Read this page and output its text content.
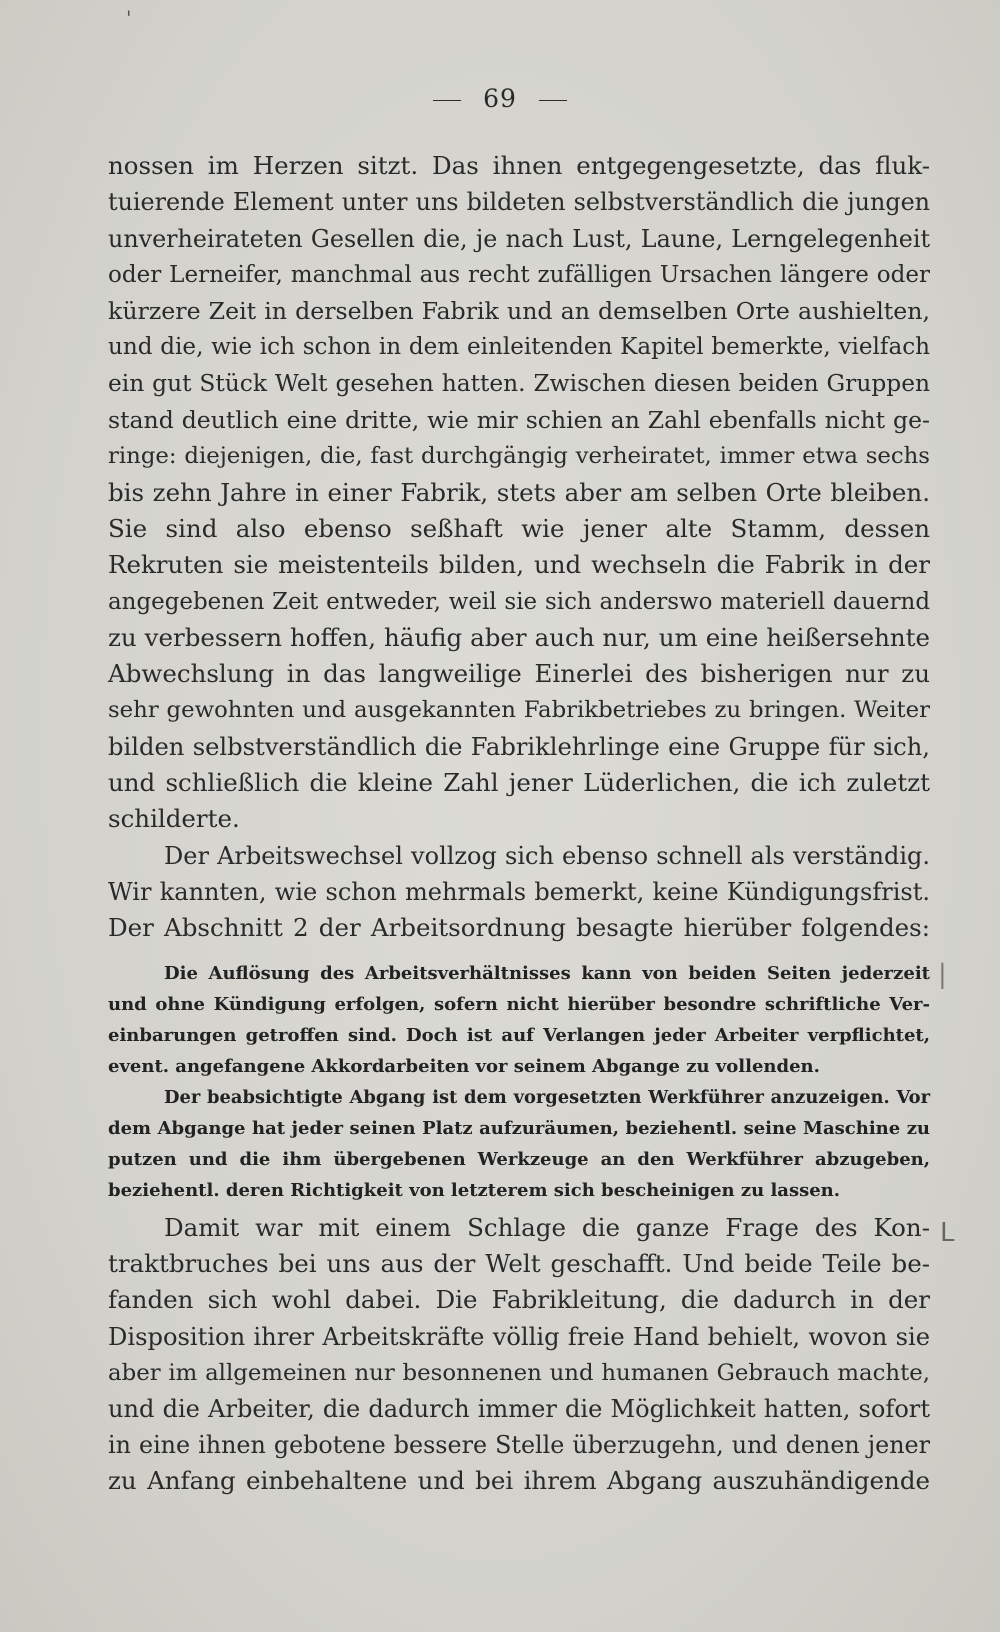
'
|
ᒪ
69
nossen im Herzen sitzt. Das ihnen entgegengesetzte, das fluk-
tuierende Element unter uns bildeten selbstverständlich die jungen
unverheirateten Gesellen die, je nach Lust, Laune, Lerngelegenheit
oder Lerneifer, manchmal aus recht zufälligen Ursachen längere oder
kürzere Zeit in derselben Fabrik und an demselben Orte aushielten,
und die, wie ich schon in dem einleitenden Kapitel bemerkte, vielfach
ein gut Stück Welt gesehen hatten. Zwischen diesen beiden Gruppen
stand deutlich eine dritte, wie mir schien an Zahl ebenfalls nicht ge-
ringe: diejenigen, die, fast durchgängig verheiratet, immer etwa sechs
bis zehn Jahre in einer Fabrik, stets aber am selben Orte bleiben.
Sie sind also ebenso seßhaft wie jener alte Stamm, dessen
Rekruten sie meistenteils bilden, und wechseln die Fabrik in der
angegebenen Zeit entweder, weil sie sich anderswo materiell dauernd
zu verbessern hoffen, häufig aber auch nur, um eine heißersehnte
Abwechslung in das langweilige Einerlei des bisherigen nur zu
sehr gewohnten und ausgekannten Fabrikbetriebes zu bringen. Weiter
bilden selbstverständlich die Fabriklehrlinge eine Gruppe für sich,
und schließlich die kleine Zahl jener Lüderlichen, die ich zuletzt
schilderte.
Der Arbeitswechsel vollzog sich ebenso schnell als verständig.
Wir kannten, wie schon mehrmals bemerkt, keine Kündigungsfrist.
Der Abschnitt 2 der Arbeitsordnung besagte hierüber folgendes:
Die Auflösung des Arbeitsverhältnisses kann von beiden Seiten jederzeit
und ohne Kündigung erfolgen, sofern nicht hierüber besondre schriftliche Ver-
einbarungen getroffen sind. Doch ist auf Verlangen jeder Arbeiter verpflichtet,
event. angefangene Akkordarbeiten vor seinem Abgange zu vollenden.
Der beabsichtigte Abgang ist dem vorgesetzten Werkführer anzuzeigen. Vor
dem Abgange hat jeder seinen Platz aufzuräumen, beziehentl. seine Maschine zu
putzen und die ihm übergebenen Werkzeuge an den Werkführer abzugeben,
beziehentl. deren Richtigkeit von letzterem sich bescheinigen zu lassen.
Damit war mit einem Schlage die ganze Frage des Kon-
traktbruches bei uns aus der Welt geschafft. Und beide Teile be-
fanden sich wohl dabei. Die Fabrikleitung, die dadurch in der
Disposition ihrer Arbeitskräfte völlig freie Hand behielt, wovon sie
aber im allgemeinen nur besonnenen und humanen Gebrauch machte,
und die Arbeiter, die dadurch immer die Möglichkeit hatten, sofort
in eine ihnen gebotene bessere Stelle überzugehn, und denen jener
zu Anfang einbehaltene und bei ihrem Abgang auszuhändigende
